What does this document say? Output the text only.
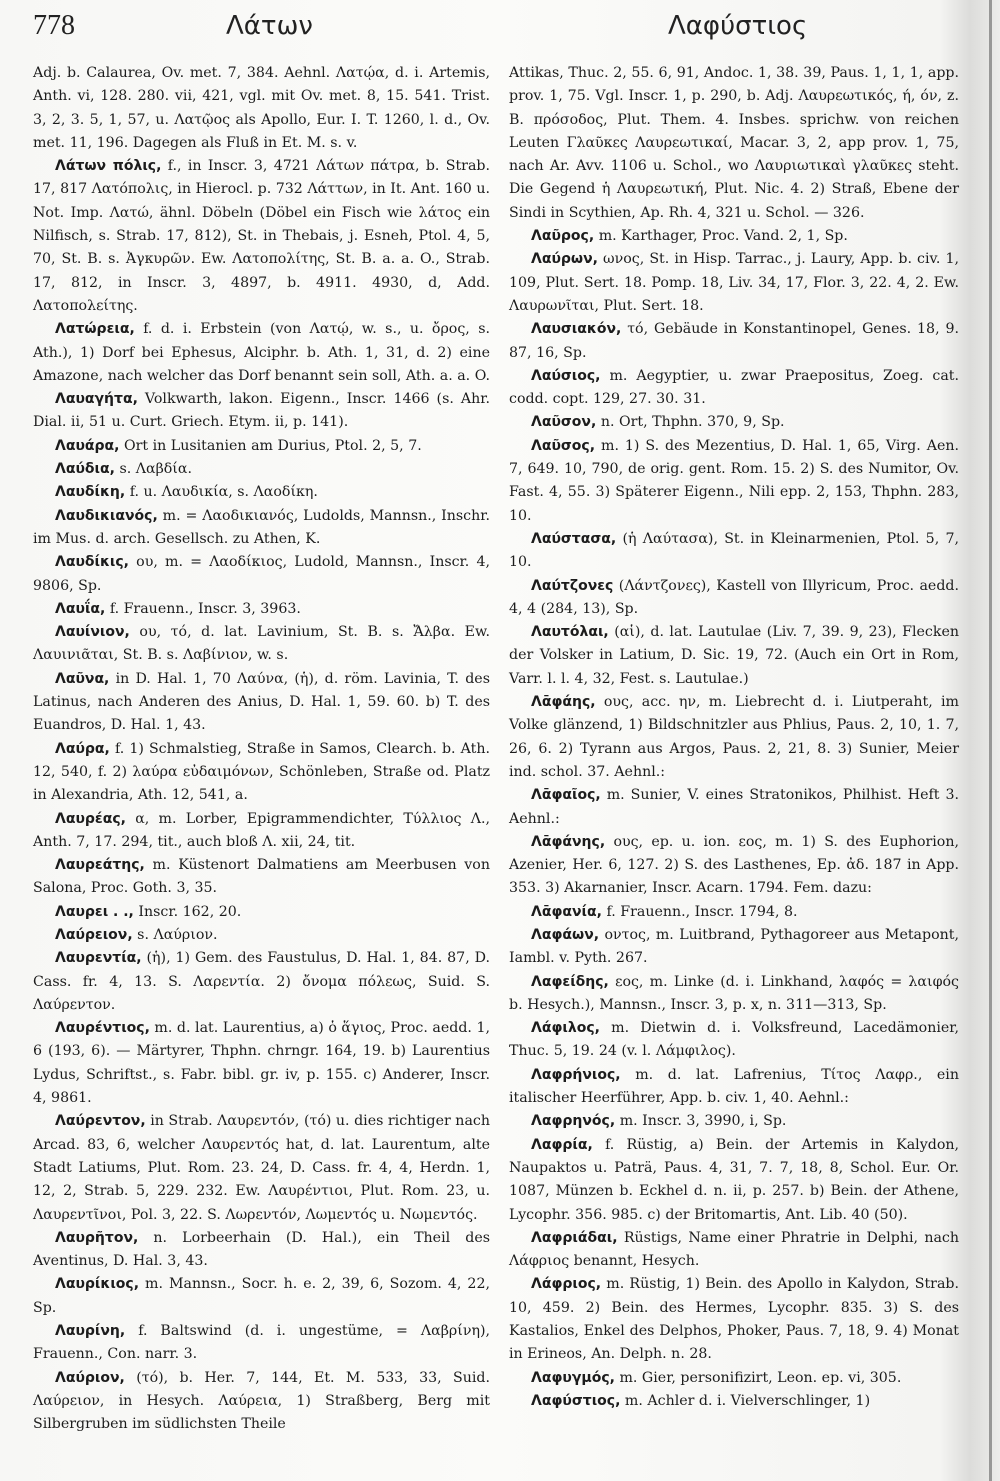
778	Λάτων	Λαφύστιος

Adj. b. Calaurea, Ov. met. 7, 384. Aehnl. Λατῴα, d. i. Artemis, Anth. vi, 128. 280. vii, 421, vgl. mit Ov. met. 8, 15. 541. Trist. 3, 2, 3. 5, 1, 57, u. Λατῷος als Apollo, Eur. I. T. 1260, l. d., Ov. met. 11, 196. Dagegen als Fluß in Et. M. s. v.

Λάτων πόλις, f., in Inscr. 3, 4721 Λάτων πάτρα, b. Strab. 17, 817 Λατόπολις, in Hierocl. p. 732 Λάττων, in It. Ant. 160 u. Not. Imp. Λατώ, ähnl. Döbeln (Döbel ein Fisch wie λάτος ein Nilfisch, s. Strab. 17, 812), St. in Thebais, j. Esneh, Ptol. 4, 5, 70, St. B. s. Ἀγκυρῶν. Ew. Λατοπολίτης, St. B. a. a. O., Strab. 17, 812, in Inscr. 3, 4897, b. 4911. 4930, d, Add. Λατοπολείτης.

Λατώρεια, f. d. i. Erbstein (von Λατῴ, w. s., u. ὄρος, s. Ath.), 1) Dorf bei Ephesus, Alciphr. b. Ath. 1, 31, d. 2) eine Amazone, nach welcher das Dorf benannt sein soll, Ath. a. a. O.

Λαυαγήτα, Volkwarth, lakon. Eigenn., Inscr. 1466 (s. Ahr. Dial. ii, 51 u. Curt. Griech. Etym. ii, p. 141).

Λαυάρα, Ort in Lusitanien am Durius, Ptol. 2, 5, 7.

Λαύδια, s. Λαβδία.

Λαυδίκη, f. u. Λαυδικία, s. Λαοδίκη.

Λαυδικιανός, m. = Λαοδικιανός, Ludolds, Mannsn., Inschr. im Mus. d. arch. Gesellsch. zu Athen, K.

Λαυδίκις, ου, m. = Λαοδίκιος, Ludold, Mannsn., Inscr. 4, 9806, Sp.

Λαυΐα, f. Frauenn., Inscr. 3, 3963.

Λαυίνιον, ου, τό, d. lat. Lavinium, St. B. s. Ἄλβα. Ew. Λαυινιᾶται, St. B. s. Λαβίνιον, w. s.

Λαῦνα, in D. Hal. 1, 70 Λαύνα, (ἡ), d. röm. Lavinia, T. des Latinus, nach Anderen des Anius, D. Hal. 1, 59. 60. b) T. des Euandros, D. Hal. 1, 43.

Λαύρα, f. 1) Schmalstieg, Straße in Samos, Clearch. b. Ath. 12, 540, f. 2) λαύρα εὐδαιμόνων, Schönleben, Straße od. Platz in Alexandria, Ath. 12, 541, a.

Λαυρέας, α, m. Lorber, Epigrammendichter, Τύλλιος Λ., Anth. 7, 17. 294, tit., auch bloß Λ. xii, 24, tit.

Λαυρεάτης, m. Küstenort Dalmatiens am Meerbusen von Salona, Proc. Goth. 3, 35.

Λαυρει . ., Inscr. 162, 20.

Λαύρειον, s. Λαύριον.

Λαυρεντία, (ἡ), 1) Gem. des Faustulus, D. Hal. 1, 84. 87, D. Cass. fr. 4, 13. S. Λαρεντία. 2) ὄνομα πόλεως, Suid. S. Λαύρεντον.

Λαυρέντιος, m. d. lat. Laurentius, a) ὁ ἅγιος, Proc. aedd. 1, 6 (193, 6). — Märtyrer, Thphn. chrngr. 164, 19. b) Laurentius Lydus, Schriftst., s. Fabr. bibl. gr. iv, p. 155. c) Anderer, Inscr. 4, 9861.

Λαύρεντον, in Strab. Λαυρεντόν, (τό) u. dies richtiger nach Arcad. 83, 6, welcher Λαυρεντός hat, d. lat. Laurentum, alte Stadt Latiums, Plut. Rom. 23. 24, D. Cass. fr. 4, 4, Herdn. 1, 12, 2, Strab. 5, 229. 232. Ew. Λαυρέντιοι, Plut. Rom. 23, u. Λαυρεντῖνοι, Pol. 3, 22. S. Λωρεντόν, Λωμεντός u. Νωμεντός.

Λαυρῆτον, n. Lorbeerhain (D. Hal.), ein Theil des Aventinus, D. Hal. 3, 43.

Λαυρίκιος, m. Mannsn., Socr. h. e. 2, 39, 6, Sozom. 4, 22, Sp.

Λαυρίνη, f. Baltswind (d. i. ungestüme, = Λαβρίνη), Frauenn., Con. narr. 3.

Λαύριον, (τό), b. Her. 7, 144, Et. M. 533, 33, Suid. Λαύρειον, in Hesych. Λαύρεια, 1) Straßberg, Berg mit Silbergruben im südlichsten Theile

Attikas, Thuc. 2, 55. 6, 91, Andoc. 1, 38. 39, Paus. 1, 1, 1, app. prov. 1, 75. Vgl. Inscr. 1, p. 290, b. Adj. Λαυρεωτικός, ή, όν, z. B. πρόσοδος, Plut. Them. 4. Insbes. sprichw. von reichen Leuten Γλαῦκες Λαυρεωτικαί, Macar. 3, 2, app prov. 1, 75, nach Ar. Avv. 1106 u. Schol., wo Λαυριωτικαὶ γλαῦκες steht. Die Gegend ἡ Λαυρεωτική, Plut. Nic. 4. 2) Straß, Ebene der Sindi in Scythien, Ap. Rh. 4, 321 u. Schol. — 326.

Λαῦρος, m. Karthager, Proc. Vand. 2, 1, Sp.

Λαύρων, ωνος, St. in Hisp. Tarrac., j. Laury, App. b. civ. 1, 109, Plut. Sert. 18. Pomp. 18, Liv. 34, 17, Flor. 3, 22. 4, 2. Ew. Λαυρωνῖται, Plut. Sert. 18.

Λαυσιακόν, τό, Gebäude in Konstantinopel, Genes. 18, 9. 87, 16, Sp.

Λαύσιος, m. Aegyptier, u. zwar Praepositus, Zoeg. cat. codd. copt. 129, 27. 30. 31.

Λαῦσον, n. Ort, Thphn. 370, 9, Sp.

Λαῦσος, m. 1) S. des Mezentius, D. Hal. 1, 65, Virg. Aen. 7, 649. 10, 790, de orig. gent. Rom. 15. 2) S. des Numitor, Ov. Fast. 4, 55. 3) Späterer Eigenn., Nili epp. 2, 153, Thphn. 283, 10.

Λαύστασα, (ἡ Λαύτασα), St. in Kleinarmenien, Ptol. 5, 7, 10.

Λαύτζονες (Λάντζονες), Kastell von Illyricum, Proc. aedd. 4, 4 (284, 13), Sp.

Λαυτόλαι, (αἱ), d. lat. Lautulae (Liv. 7, 39. 9, 23), Flecken der Volsker in Latium, D. Sic. 19, 72. (Auch ein Ort in Rom, Varr. l. l. 4, 32, Fest. s. Lautulae.)

Λᾱφάης, ους, acc. ην, m. Liebrecht d. i. Liutperaht, im Volke glänzend, 1) Bildschnitzler aus Phlius, Paus. 2, 10, 1. 7, 26, 6. 2) Tyrann aus Argos, Paus. 2, 21, 8. 3) Sunier, Meier ind. schol. 37. Aehnl.:

Λᾱφαῖος, m. Sunier, V. eines Stratonikos, Philhist. Heft 3. Aehnl.:

Λᾱφάνης, ους, ep. u. ion. εος, m. 1) S. des Euphorion, Azenier, Her. 6, 127. 2) S. des Lasthenes, Ep. ἀδ. 187 in App. 353. 3) Akarnanier, Inscr. Acarn. 1794. Fem. dazu:

Λᾱφανία, f. Frauenn., Inscr. 1794, 8.

Λαφάων, οντος, m. Luitbrand, Pythagoreer aus Metapont, Iambl. v. Pyth. 267.

Λαφείδης, εος, m. Linke (d. i. Linkhand, λαφός = λαιφός b. Hesych.), Mannsn., Inscr. 3, p. x, n. 311—313, Sp.

Λάφιλος, m. Dietwin d. i. Volksfreund, Lacedämonier, Thuc. 5, 19. 24 (v. l. Λάμφιλος).

Λαφρήνιος, m. d. lat. Lafrenius, Τίτος Λαφρ., ein italischer Heerführer, App. b. civ. 1, 40. Aehnl.:

Λαφρηνός, m. Inscr. 3, 3990, i, Sp.

Λαφρία, f. Rüstig, a) Bein. der Artemis in Kalydon, Naupaktos u. Paträ, Paus. 4, 31, 7. 7, 18, 8, Schol. Eur. Or. 1087, Münzen b. Eckhel d. n. ii, p. 257. b) Bein. der Athene, Lycophr. 356. 985. c) der Britomartis, Ant. Lib. 40 (50).

Λαφριάδαι, Rüstigs, Name einer Phratrie in Delphi, nach Λάφριος benannt, Hesych.

Λάφριος, m. Rüstig, 1) Bein. des Apollo in Kalydon, Strab. 10, 459. 2) Bein. des Hermes, Lycophr. 835. 3) S. des Kastalios, Enkel des Delphos, Phoker, Paus. 7, 18, 9. 4) Monat in Erineos, An. Delph. n. 28.

Λαφυγμός, m. Gier, personifizirt, Leon. ep. vi, 305.

Λαφύστιος, m. Achler d. i. Vielverschlinger, 1)
